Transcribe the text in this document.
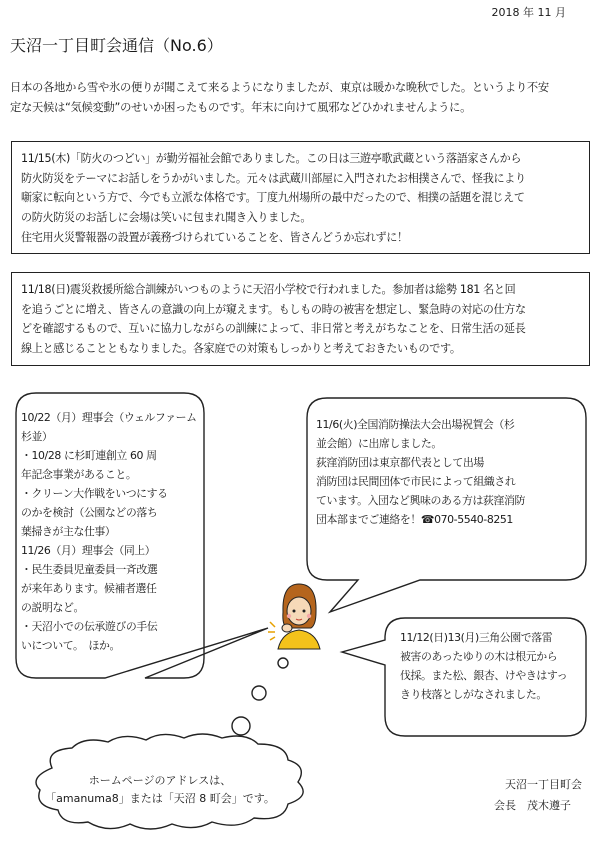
2018 年 11 月
天沼一丁目町会通信（No.6）

日本の各地から雪や氷の便りが聞こえて来るようになりましたが、東京は暖かな晩秋でした。というより不安

定な天候は“気候変動”のせいか困ったものです。年末に向けて風邪などひかれませんように。

11/15(木)「防火のつどい」が勤労福祉会館でありました。この日は三遊亭歌武蔵という落語家さんから

防火防災をテーマにお話しをうかがいました。元々は武蔵川部屋に入門されたお相撲さんで、怪我により

噺家に転向という方で、今でも立派な体格です。丁度九州場所の最中だったので、相撲の話題を混じえて

の防火防災のお話しに会場は笑いに包まれ聞き入りました。

住宅用火災警報器の設置が義務づけられていることを、皆さんどうか忘れずに！

11/18(日)震災救援所総合訓練がいつものように天沼小学校で行われました。参加者は総勢 181 名と回

を追うごとに増え、皆さんの意識の向上が窺えます。もしもの時の被害を想定し、緊急時の対応の仕方な

どを確認するもので、互いに協力しながらの訓練によって、非日常と考えがちなことを、日常生活の延長

線上と感じることともなりました。各家庭での対策もしっかりと考えておきたいものです。

10/22（月）理事会（ウェルファーム

杉並）

・10/28 に杉町連創立 60 周

年記念事業があること。

・クリーン大作戦をいつにする

のかを検討（公園などの落ち

葉掃きが主な仕事）

11/26（月）理事会（同上）

・民生委員児童委員一斉改選

が来年あります。候補者選任

の説明など。

・天沼小での伝承遊びの手伝

いについて。　ほか。

11/6(火)全国消防操法大会出場祝賀会（杉

並会館）に出席しました。

荻窪消防団は東京都代表として出場

消防団は民間団体で市民によって組織され

ています。入団など興味のある方は荻窪消防

団本部までご連絡を！☎070-5540-8251

11/12(日)13(月)三角公園で落雷

被害のあったゆりの木は根元から

伐採。また松、銀杏、けやきはすっ

きり枝落としがなされました。

ホームページのアドレスは、

「amanuma8」または「天沼 8 町会」です。

天沼一丁目町会
会長　茂木遵子
